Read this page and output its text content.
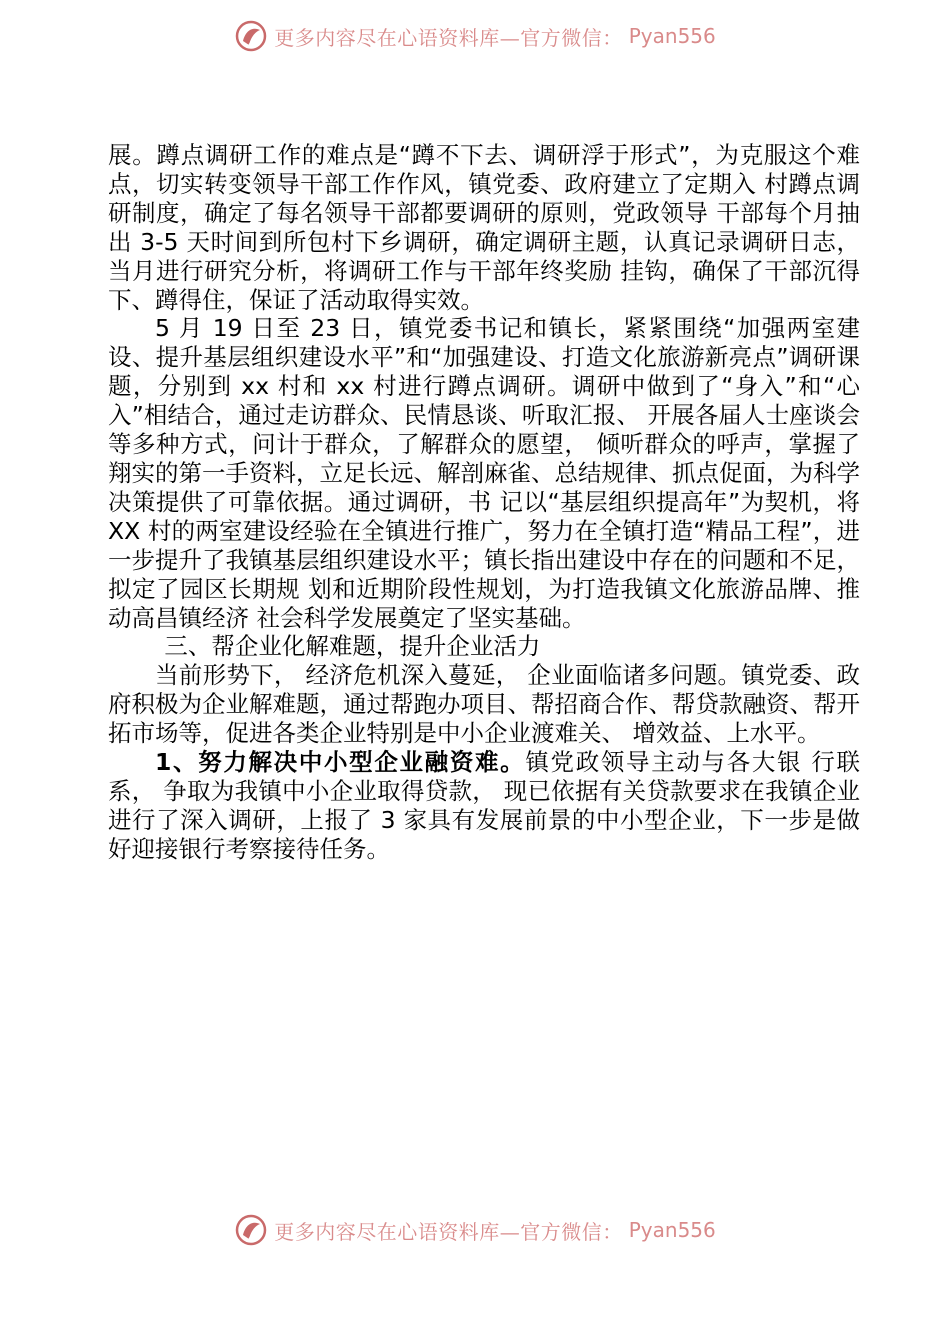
更多内容尽在心语资料库—官方微信： Pyan556

展。蹲点调研工作的难点是“蹲不下去、调研浮于形式”，为克服这个难点，切实转变领导干部工作作风，镇党委、政府建立了定期入 村蹲点调研制度，确定了每名领导干部都要调研的原则，党政领导 干部每个月抽出 3-5 天时间到所包村下乡调研，确定调研主题，认真记录调研日志，当月进行研究分析，将调研工作与干部年终奖励 挂钩，确保了干部沉得下、蹲得住，保证了活动取得实效。

5 月 19 日至 23 日，镇党委书记和镇长，紧紧围绕“加强两室建设、提升基层组织建设水平”和“加强建设、打造文化旅游新亮点”调研课题，分别到 xx 村和 xx 村进行蹲点调研。调研中做到了“身入”和“心入”相结合，通过走访群众、民情恳谈、听取汇报、 开展各届人士座谈会等多种方式，问计于群众，了解群众的愿望， 倾听群众的呼声，掌握了翔实的第一手资料，立足长远、解剖麻雀、总结规律、抓点促面，为科学决策提供了可靠依据。通过调研，书 记以“基层组织提高年”为契机，将 XX 村的两室建设经验在全镇进行推广，努力在全镇打造“精品工程”，进一步提升了我镇基层组织建设水平；镇长指出建设中存在的问题和不足，拟定了园区长期规 划和近期阶段性规划，为打造我镇文化旅游品牌、推动高昌镇经济 社会科学发展奠定了坚实基础。

三、帮企业化解难题，提升企业活力

当前形势下， 经济危机深入蔓延， 企业面临诸多问题。镇党委、政府积极为企业解难题，通过帮跑办项目、帮招商合作、帮贷款融资、帮开拓市场等，促进各类企业特别是中小企业渡难关、 增效益、上水平。

1、努力解决中小型企业融资难。镇党政领导主动与各大银 行联系， 争取为我镇中小企业取得贷款， 现已依据有关贷款要求在我镇企业进行了深入调研，上报了 3 家具有发展前景的中小型企业，下一步是做好迎接银行考察接待任务。

更多内容尽在心语资料库—官方微信： Pyan556
